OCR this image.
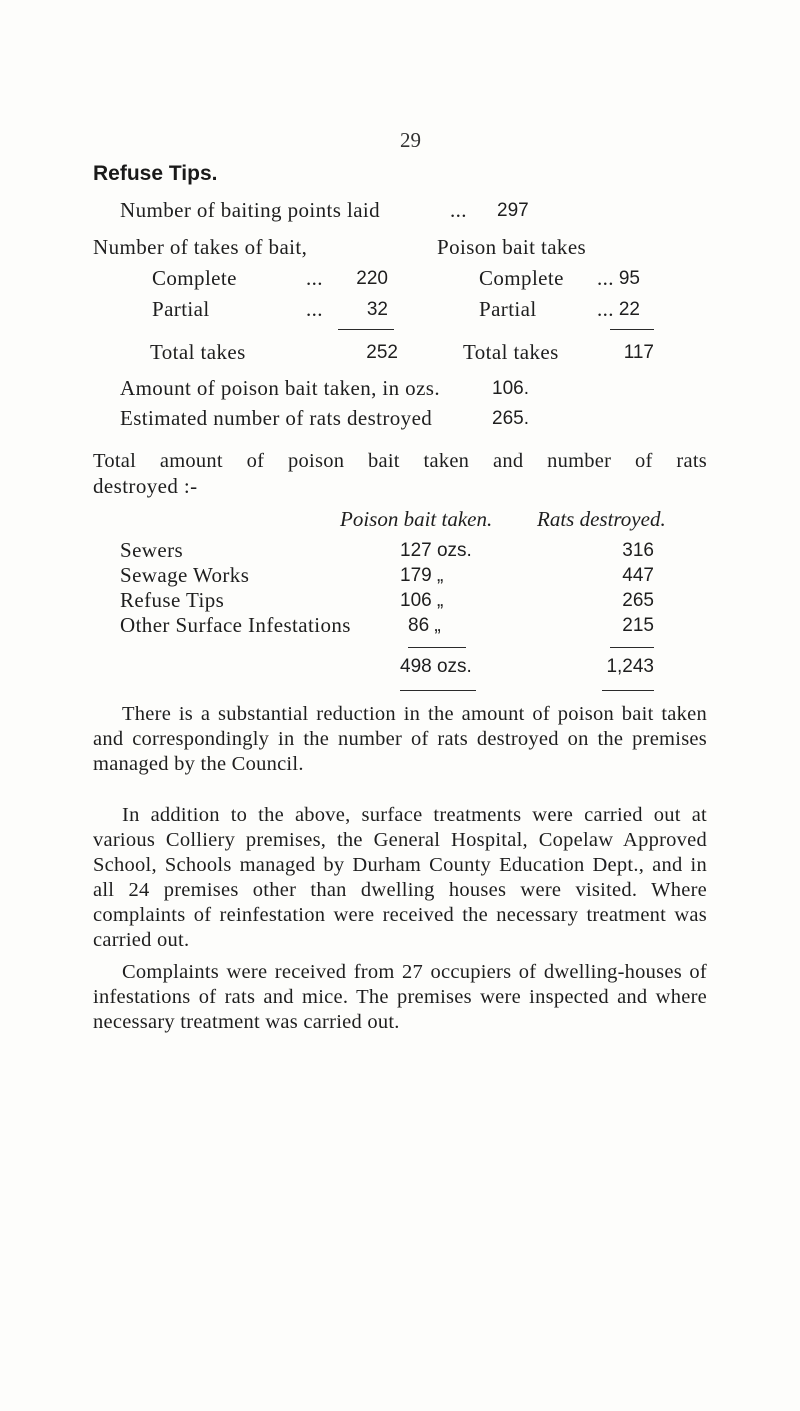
29
Refuse Tips.
Number of baiting points laid	... 297
Number of takes of bait,
Complete	...	220
Partial	...	32
Total takes	252
Poison bait takes
Complete ... 95
Partial	... 22
Total takes	117
Amount of poison bait taken, in ozs.	106.
Estimated number of rats destroyed	265.
Total amount of poison bait taken and number of rats
destroyed :-
Poison bait taken. Rats destroyed.
Sewers	127 ozs.	316
Sewage Works	179 „	447
Refuse Tips	106 „	265
Other Surface Infestations	86 „	215
498 ozs.	1,243
There is a substantial reduction in the amount of poison bait taken and correspondingly in the number of rats destroyed on the premises managed by the Council.
In addition to the above, surface treatments were carried out at various Colliery premises, the General Hospital, Copelaw Approved School, Schools managed by Durham County Education Dept., and in all 24 premises other than dwelling houses were visited. Where complaints of reinfestation were received the necessary treatment was carried out.
Complaints were received from 27 occupiers of dwelling-houses of infestations of rats and mice. The premises were inspected and where necessary treatment was carried out.
